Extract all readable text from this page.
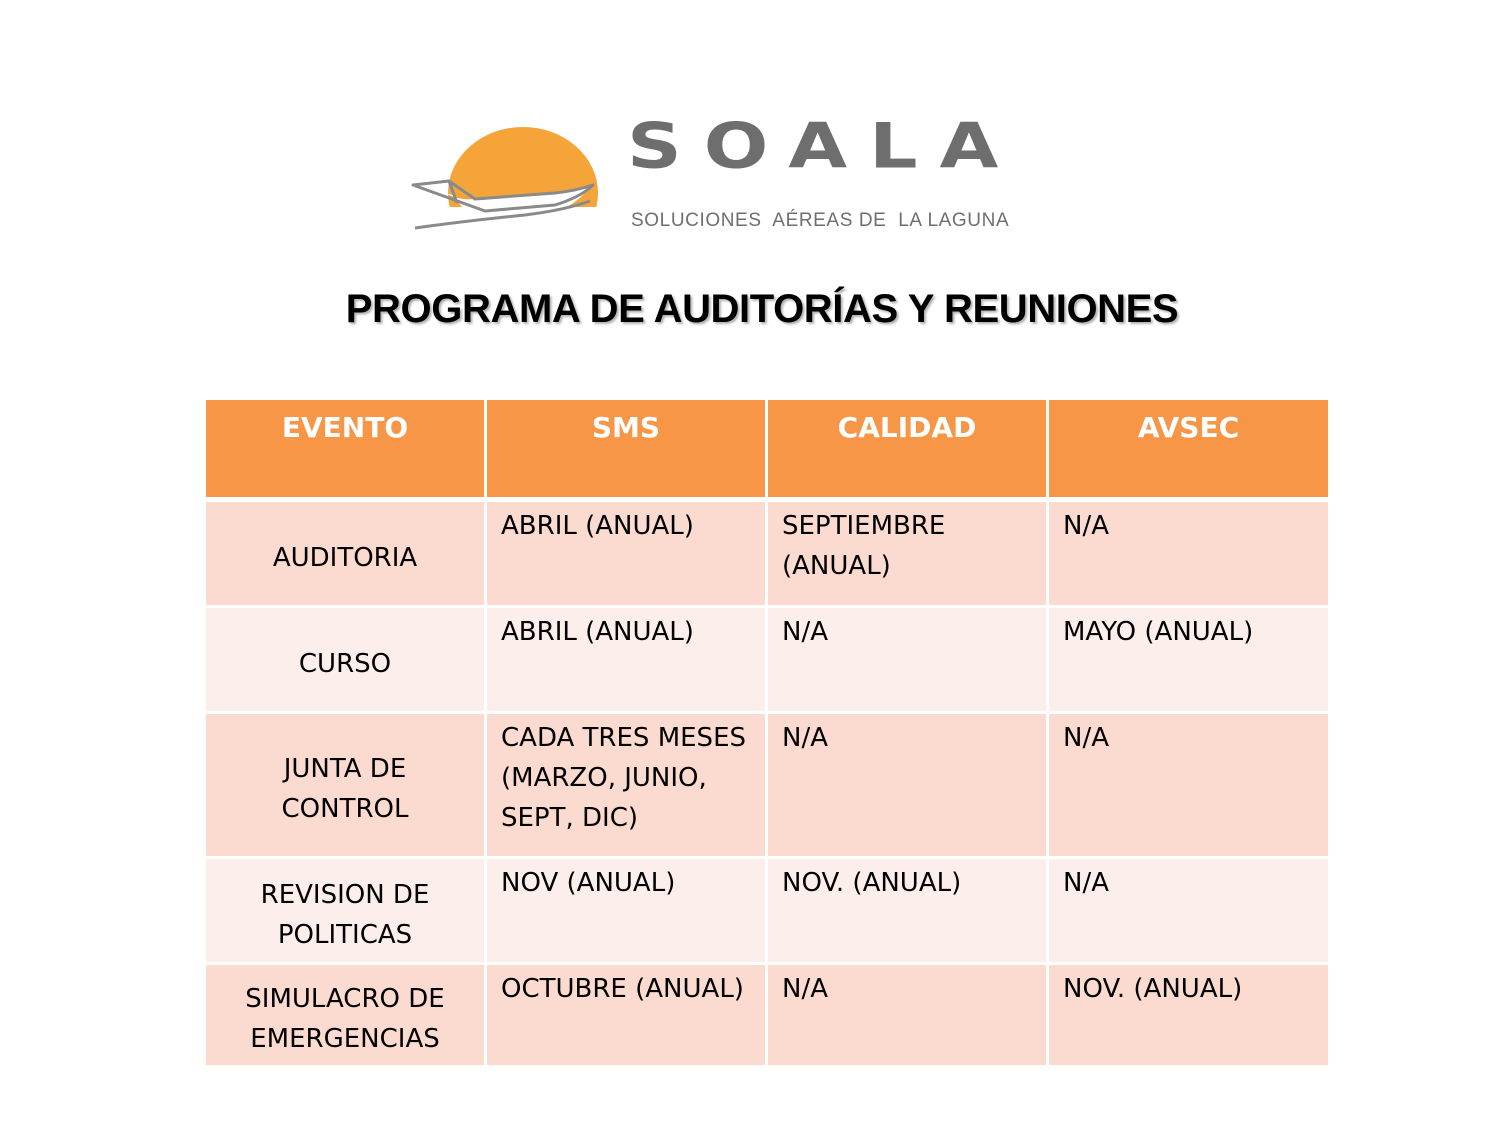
SOALA
SOLUCIONES  AÉREAS DE  LA LAGUNA
PROGRAMA DE AUDITORÍAS Y REUNIONES
EVENTO	SMS	CALIDAD	AVSEC
AUDITORIA	ABRIL (ANUAL)	SEPTIEMBRE (ANUAL)	N/A
CURSO	ABRIL (ANUAL)	N/A	MAYO (ANUAL)
JUNTA DE CONTROL	CADA TRES MESES (MARZO, JUNIO, SEPT, DIC)	N/A	N/A
REVISION DE POLITICAS	NOV (ANUAL)	NOV. (ANUAL)	N/A
SIMULACRO DE EMERGENCIAS	OCTUBRE (ANUAL)	N/A	NOV. (ANUAL)
